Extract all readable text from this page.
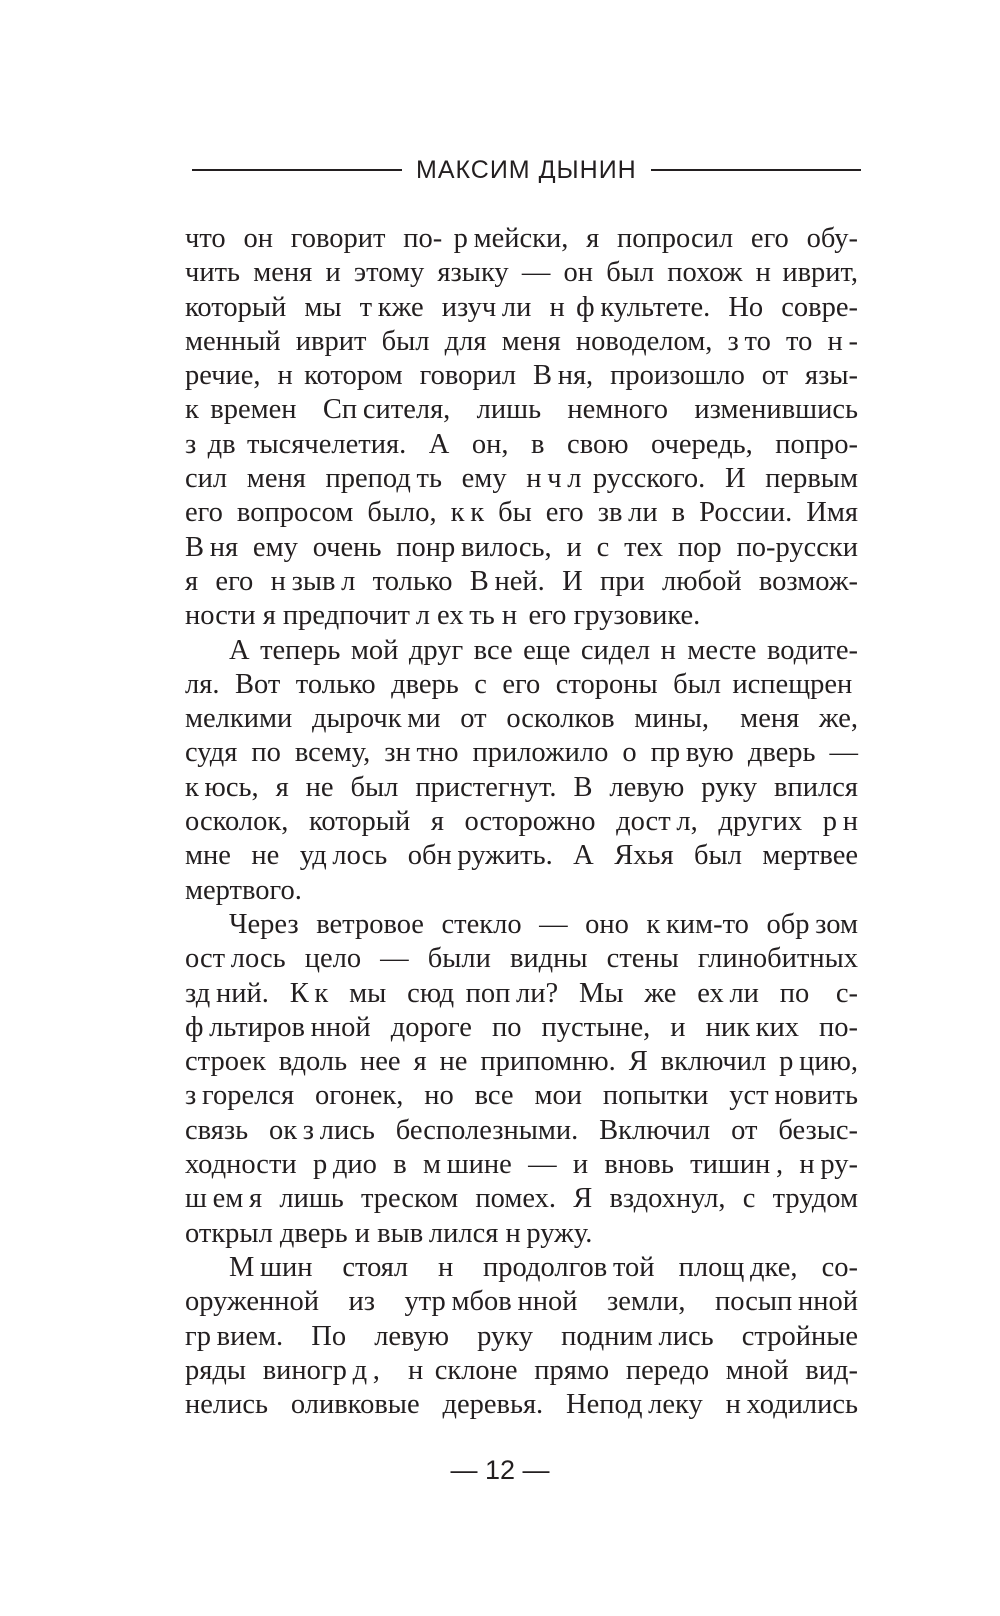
МАКСИМ ДЫНИН

что он говорит по-  р мейски, я попросил его обу-
чить меня и этому языку — он был похож н  иврит,
который мы т кже изуч ли н  ф культете. Но совре-
менный иврит был для меня новоделом, з то то н -
речие, н  котором говорил В ня, произошло от язы-
к  времен Сп сителя, лишь немного изменившись
з  дв  тысячелетия. А он, в свою очередь, попро-
сил меня препод ть ему н ч л  русского. И первым
его вопросом было, к к бы его зв ли в России. Имя
В ня ему очень понр вилось, и с тех пор по-русски
я его н зыв л только В ней. И при любой возмож-
ности я предпочит л ех ть н  его грузовике.

А теперь мой друг все еще сидел н  месте водите-
ля. Вот только дверь с его стороны был  испещрен 
мелкими дырочк ми от осколков мины,   меня же,
судя по всему, зн тно приложило о пр вую дверь —
к юсь, я не был пристегнут. В левую руку впился
осколок, который я осторожно дост л, других р н
мне не уд лось обн ружить. А Яхья был мертвее
мертвого.

Через ветровое стекло — оно к ким-то обр зом
ост лось цело — были видны стены глинобитных
зд ний. К к мы сюд  поп ли? Мы же ех ли по  с-
ф льтиров нной дороге по пустыне, и ник ких по-
строек вдоль нее я не припомню. Я включил р цию,
з горелся огонек, но все мои попытки уст новить
связь ок з лись бесполезными. Включил от безыс-
ходности р дио в м шине — и вновь тишин , н ру-
ш ем я лишь треском помех. Я вздохнул, с трудом
открыл дверь и выв лился н ружу.

М шин  стоял  н  продолгов той площ дке, со-
оруженной из утр мбов нной земли, посып нной
гр вием. По левую руку подним лись стройные
ряды виногр д ,   н  склоне прямо передо мной вид-
нелись оливковые деревья. Непод леку н ходились

— 12 —
